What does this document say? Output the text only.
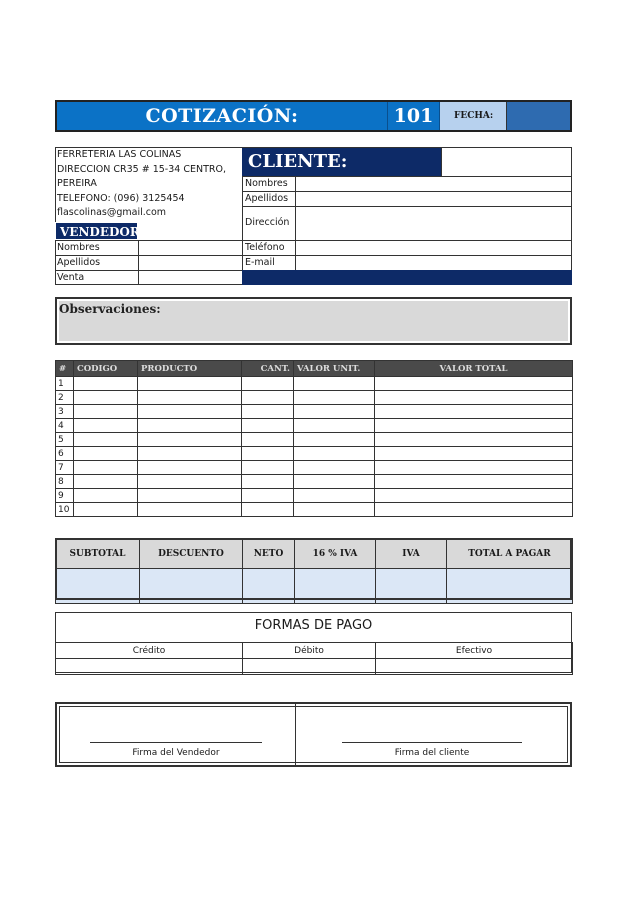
COTIZACIÓN:	101	FECHA:
FERRETERIA LAS COLINAS
DIRECCION CR35 # 15-34 CENTRO,
PEREIRA
TELEFONO: (096) 3125454
flascolinas@gmail.com
VENDEDOR
Nombres
Apellidos
Venta
CLIENTE:
Nombres
Apellidos
Dirección
Teléfono
E-mail
Observaciones:
#	CODIGO	PRODUCTO	CANT.	VALOR UNIT.	VALOR TOTAL
1					
2					
3					
4					
5					
6					
7					
8					
9					
10					
SUBTOTAL	DESCUENTO	NETO	16 % IVA	IVA	TOTAL A PAGAR

FORMAS DE PAGO
Crédito	Débito	Efectivo

Firma del Vendedor	Firma del cliente
